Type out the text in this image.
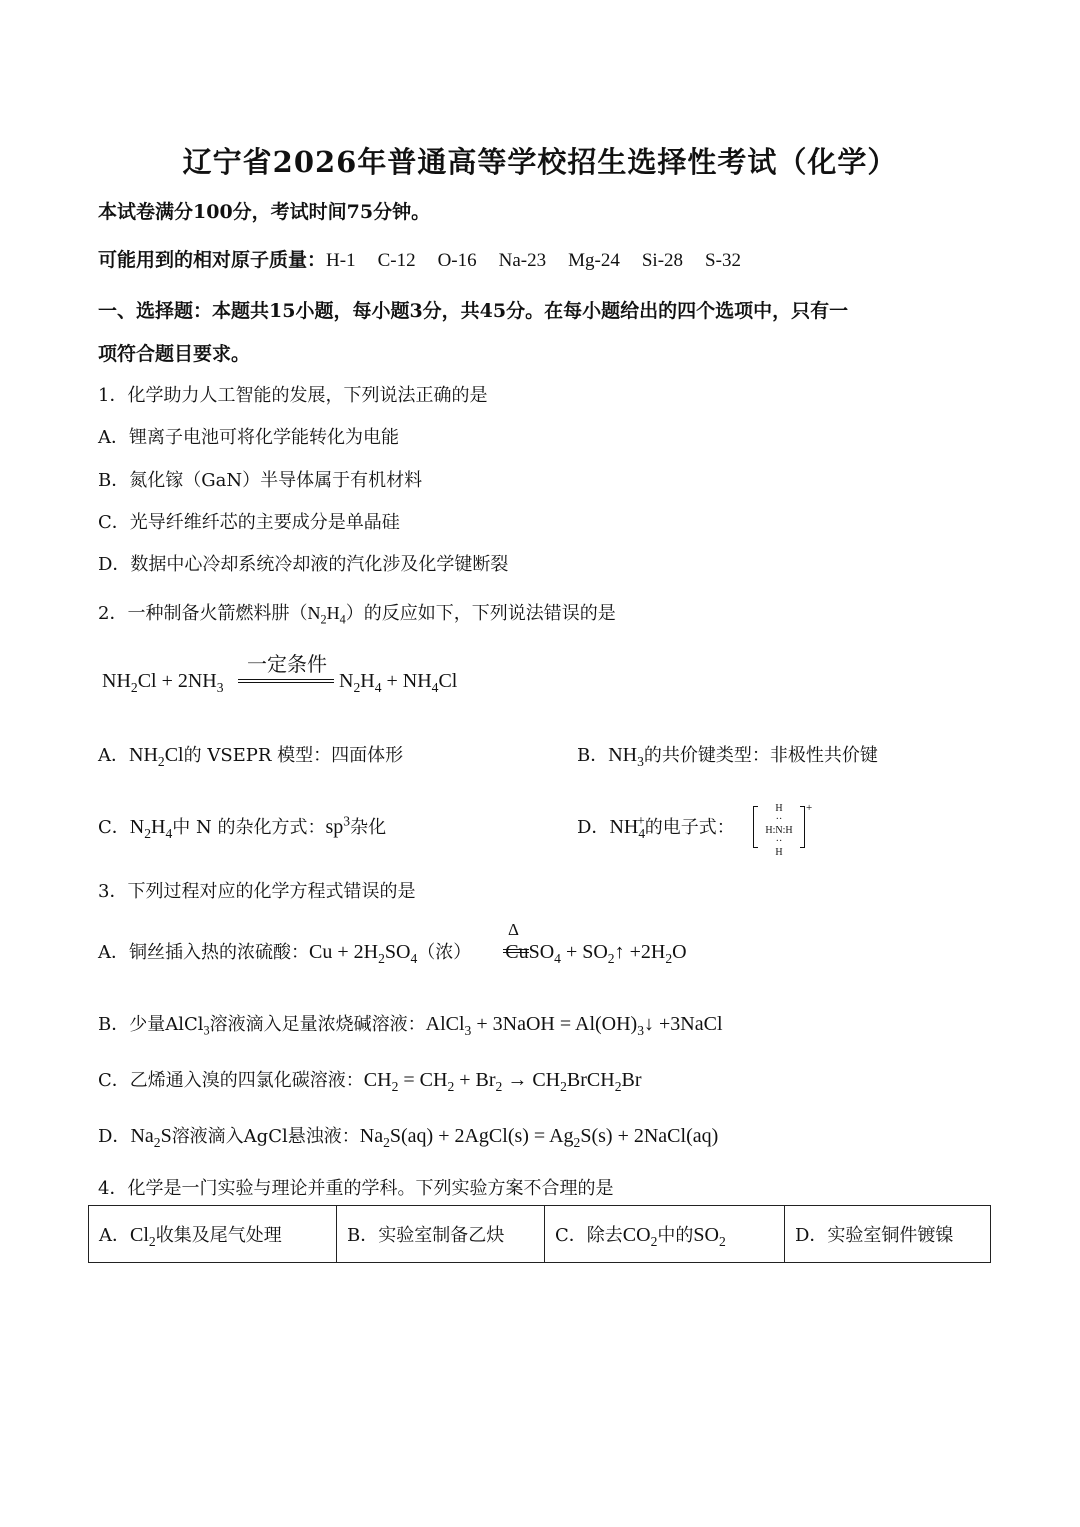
辽宁省2026年普通高等学校招生选择性考试（化学）
本试卷满分100分，考试时间75分钟。
可能用到的相对原子质量：H-1 C-12 O-16 Na-23 Mg-24 Si-28 S-32
一、选择题：本题共15小题，每小题3分，共45分。在每小题给出的四个选项中，只有一
项符合题目要求。
1．化学助力人工智能的发展，下列说法正确的是
A．锂离子电池可将化学能转化为电能
B．氮化镓（GaN）半导体属于有机材料
C．光导纤维纤芯的主要成分是单晶硅
D．数据中心冷却系统冷却液的汽化涉及化学键断裂
2．一种制备火箭燃料肼$(N_2H_4)$的反应如下，下列说法错误的是
$NH_2Cl + 2NH_3$
一定条件
$N_2H_4 + NH_4Cl$
A．$NH_2Cl$的 VSEPR 模型：四面体形	B．$NH_3$的共价键类型：非极性共价键
C．$N_2H_4$中 N 的杂化方式：$sp^3$杂化	D．$NH_4^+$的电子式：
H
··
H:N:H
··
H
+
3．下列过程对应的化学方程式错误的是
A．铜丝插入热的浓硫酸：$Cu + 2H_2SO_4$（浓） CuSO$_4$ + $SO_2↑ +2H_2O$
Δ
B．少量AlCl$_3$溶液滴入足量浓烧碱溶液：AlCl$_3$ + 3NaOH = $Al(OH)_3↓$ +3NaCl
C．乙烯通入溴的四氯化碳溶液：$CH_2 = CH_2 + Br_2$ → $CH_2BrCH_2Br$
D．$Na_2S$溶液滴入AgCl悬浊液：$Na_2S(aq)$ + 2AgCl(s) = $Ag_2S(s)$ + 2NaCl(aq)
4．化学是一门实验与理论并重的学科。下列实验方案不合理的是
A．$Cl_2$收集及尾气处理	B．实验室制备乙炔	C．除去$CO_2$中的$SO_2$	D．实验室铜件镀镍
